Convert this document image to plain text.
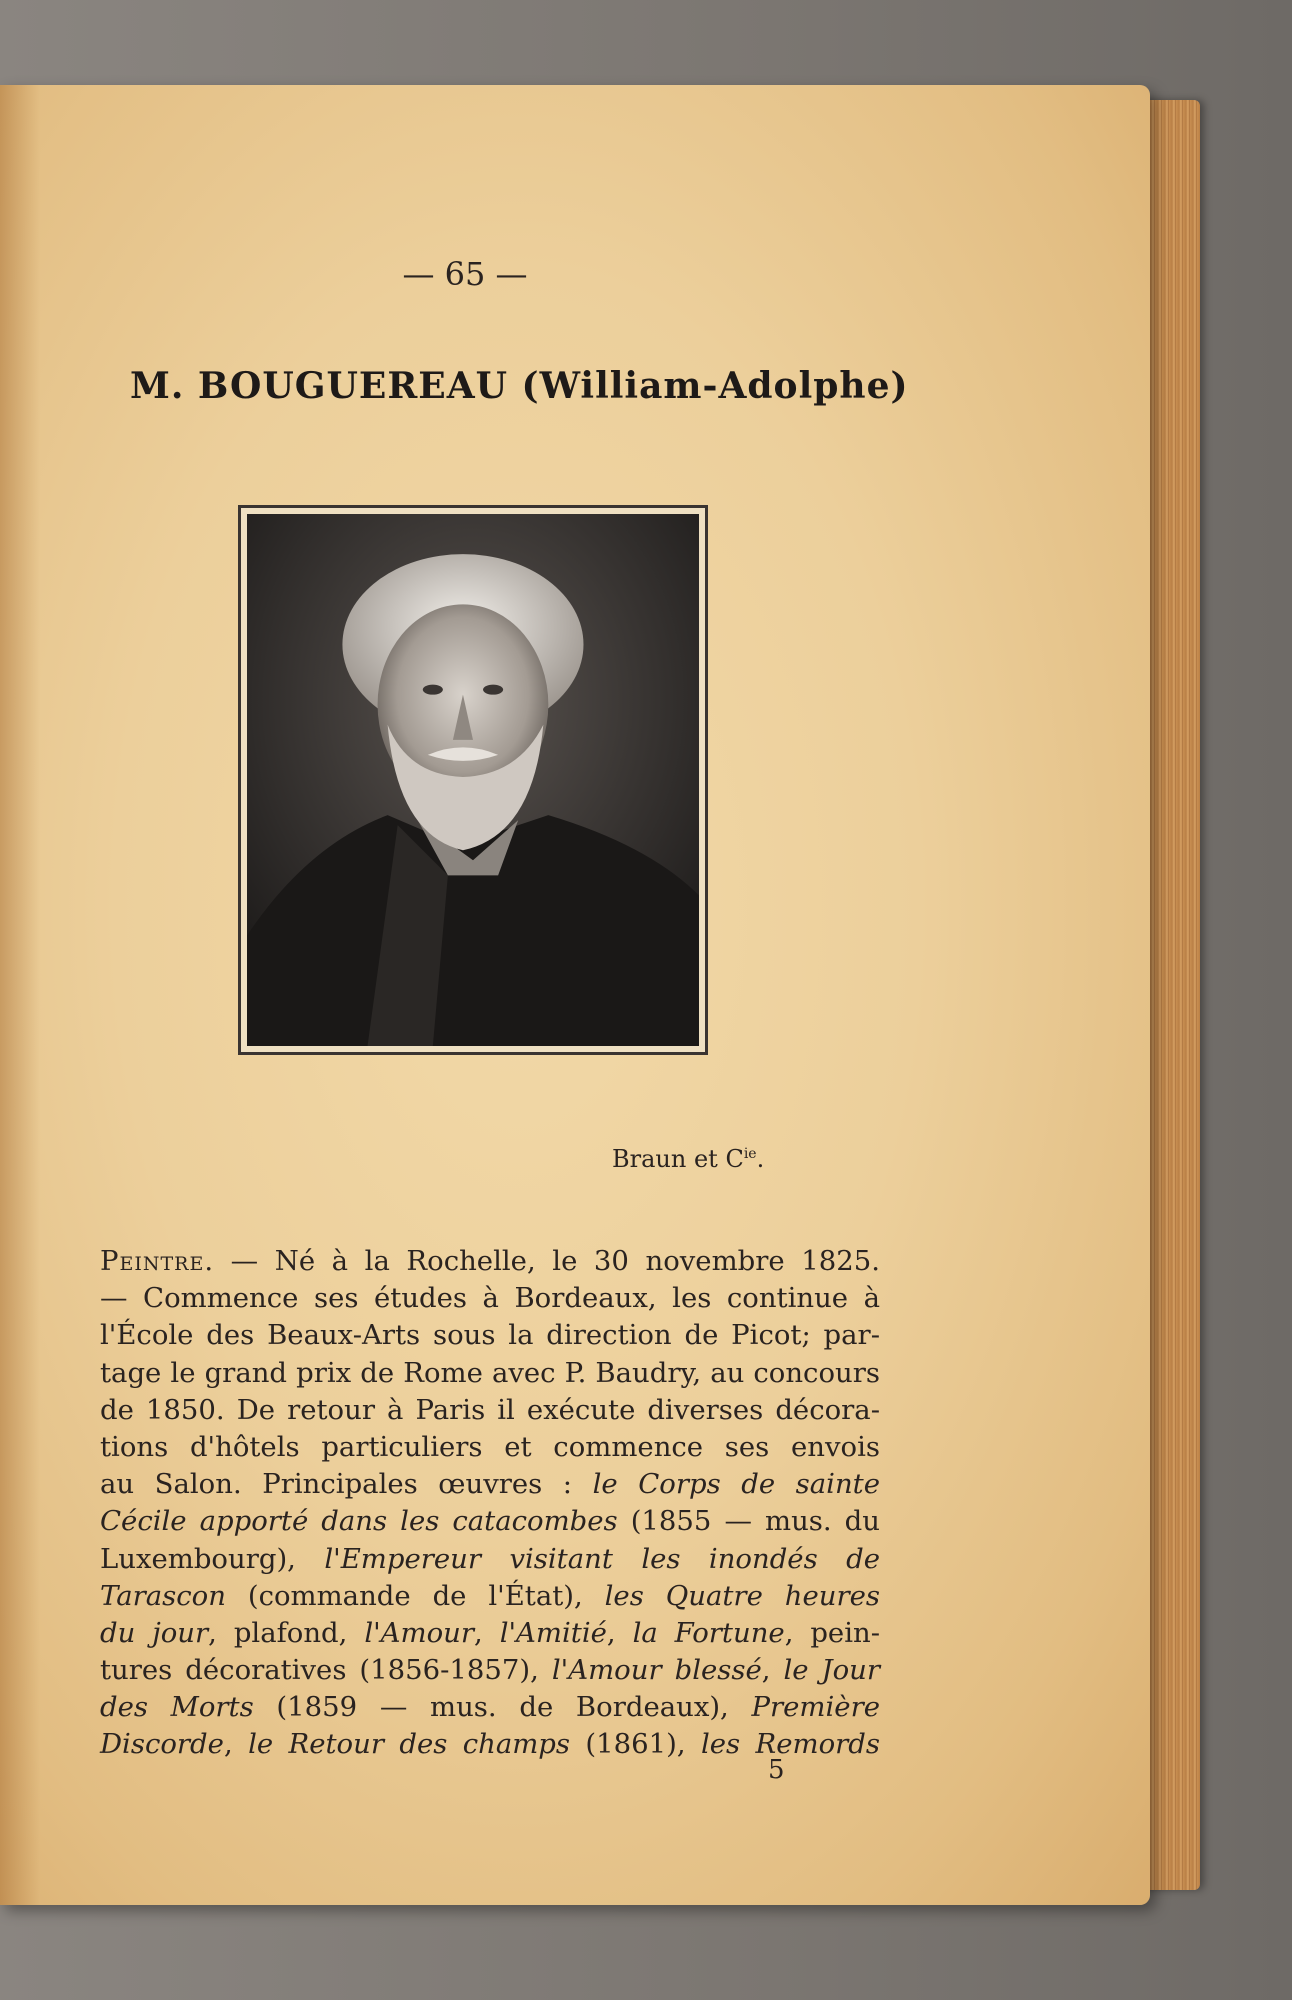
— 65 —
M. BOUGUEREAU (William-Adolphe)
Braun et $C^{ie}$.
Peintre. — Né à la Rochelle, le 30 novembre 1825.
— Commence ses études à Bordeaux, les continue à
l'École des Beaux-Arts sous la direction de Picot; par-
tage le grand prix de Rome avec P. Baudry, au concours
de 1850. De retour à Paris il exécute diverses décora-
tions d'hôtels particuliers et commence ses envois
au Salon. Principales œuvres : le Corps de sainte
Cécile apporté dans les catacombes (1855 — mus. du
Luxembourg), l'Empereur visitant les inondés de
Tarascon (commande de l'État), les Quatre heures
du jour, plafond, l'Amour, l'Amitié, la Fortune, pein-
tures décoratives (1856-1857), l'Amour blessé, le Jour
des Morts (1859 — mus. de Bordeaux), Première
Discorde, le Retour des champs (1861), les Remords
5
